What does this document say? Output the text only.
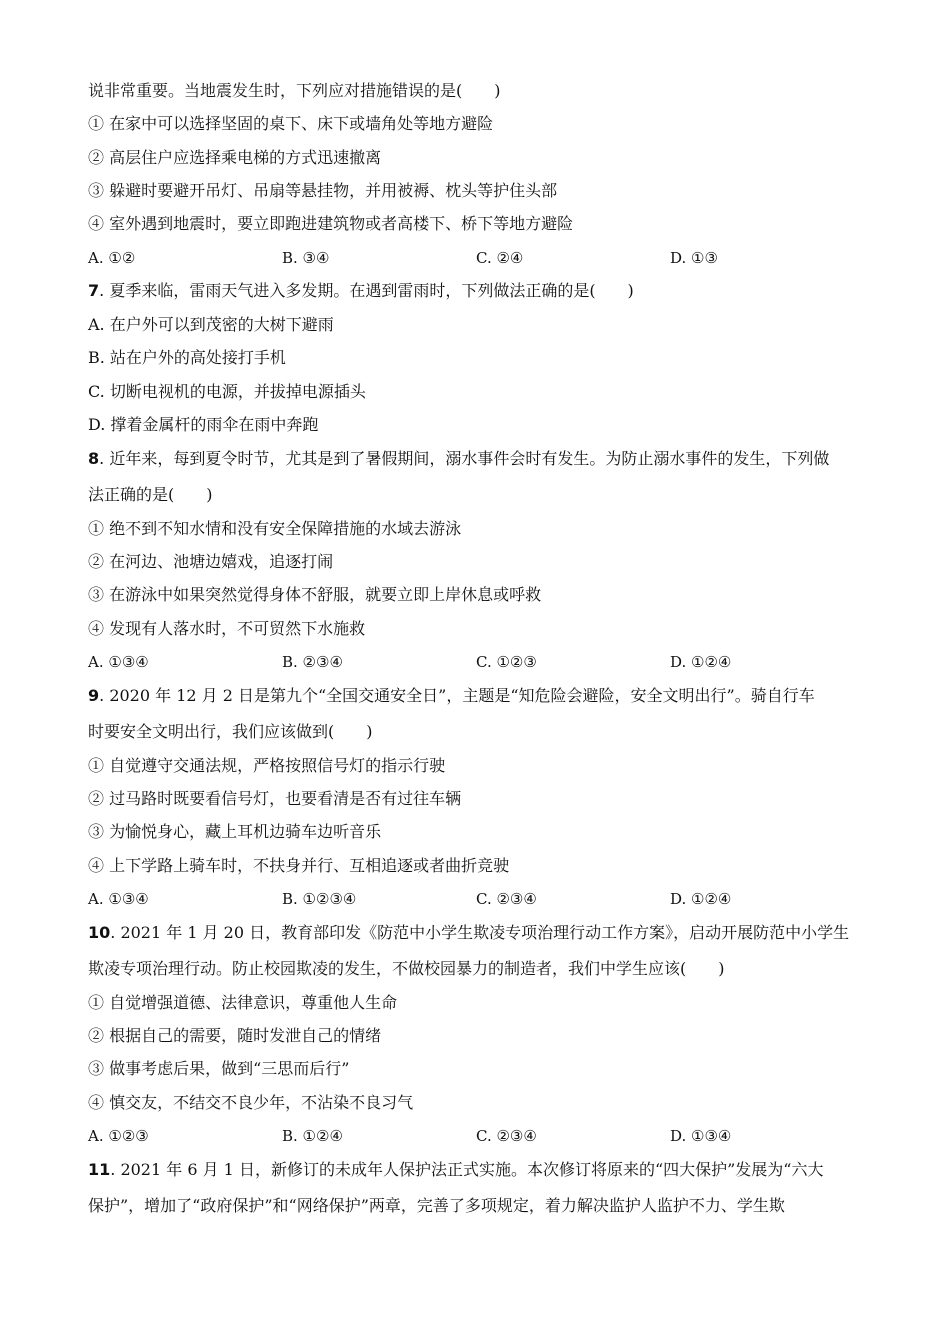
说非常重要。当地震发生时，下列应对措施错误的是(　　)

① 在家中可以选择坚固的桌下、床下或墙角处等地方避险

② 高层住户应选择乘电梯的方式迅速撤离

③ 躲避时要避开吊灯、吊扇等悬挂物，并用被褥、枕头等护住头部

④ 室外遇到地震时，要立即跑进建筑物或者高楼下、桥下等地方避险

A. ①②	B. ③④	C. ②④	D. ①③

7. 夏季来临，雷雨天气进入多发期。在遇到雷雨时，下列做法正确的是(　　)

A. 在户外可以到茂密的大树下避雨

B. 站在户外的高处接打手机

C. 切断电视机的电源，并拔掉电源插头

D. 撑着金属杆的雨伞在雨中奔跑

8. 近年来，每到夏令时节，尤其是到了暑假期间，溺水事件会时有发生。为防止溺水事件的发生，下列做

法正确的是(　　)

① 绝不到不知水情和没有安全保障措施的水域去游泳

② 在河边、池塘边嬉戏，追逐打闹

③ 在游泳中如果突然觉得身体不舒服，就要立即上岸休息或呼救

④ 发现有人落水时，不可贸然下水施救

A. ①③④	B. ②③④	C. ①②③	D. ①②④

9. 2020 年 12 月 2 日是第九个“全国交通安全日”，主题是“知危险会避险，安全文明出行”。骑自行车

时要安全文明出行，我们应该做到(　　)

① 自觉遵守交通法规，严格按照信号灯的指示行驶

② 过马路时既要看信号灯，也要看清是否有过往车辆

③ 为愉悦身心，藏上耳机边骑车边听音乐

④ 上下学路上骑车时，不扶身并行、互相追逐或者曲折竞驶

A. ①③④	B. ①②③④	C. ②③④	D. ①②④

10. 2021 年 1 月 20 日，教育部印发《防范中小学生欺凌专项治理行动工作方案》，启动开展防范中小学生

欺凌专项治理行动。防止校园欺凌的发生，不做校园暴力的制造者，我们中学生应该(　　)

① 自觉增强道德、法律意识，尊重他人生命

② 根据自己的需要，随时发泄自己的情绪

③ 做事考虑后果，做到“三思而后行”

④ 慎交友，不结交不良少年，不沾染不良习气

A. ①②③	B. ①②④	C. ②③④	D. ①③④

11. 2021 年 6 月 1 日，新修订的未成年人保护法正式实施。本次修订将原来的“四大保护”发展为“六大

保护”，增加了“政府保护”和“网络保护”两章，完善了多项规定，着力解决监护人监护不力、学生欺
